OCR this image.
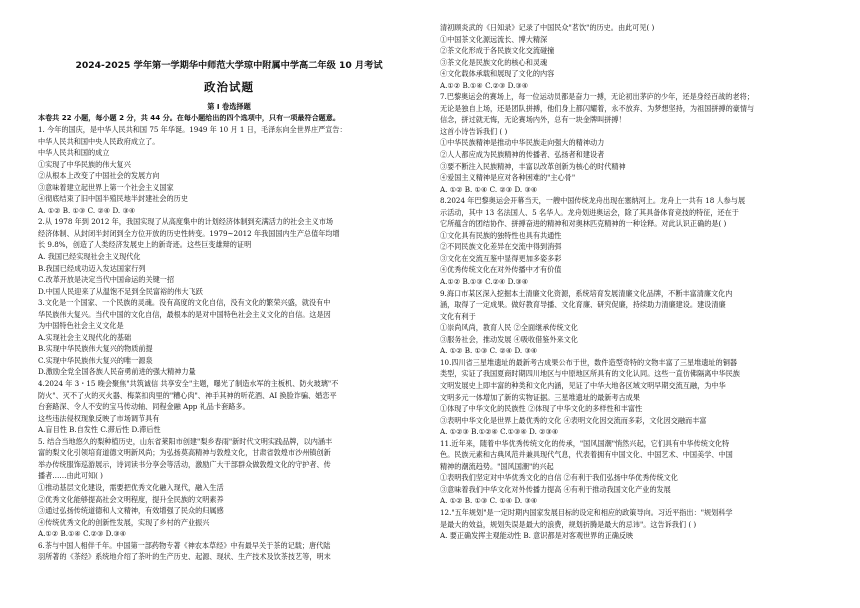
2024-2025 学年第一学期华中师范大学琼中附属中学高二年级 10 月考试
政治试题
第 I 卷选择题
本卷共 22 小题，每小题 2 分，共 44 分。在每小题给出的四个选项中，只有一项最符合题意。
1. 今年的国庆，是中华人民共和国 75 年华诞。1949 年 10 月 1 日，毛泽东向全世界庄严宣告：
中华人民共和国中央人民政府成立了。
中华人民共和国的成立
①实现了中华民族的伟大复兴
②从根本上改变了中国社会的发展方向
③意味着建立起世界上第一个社会主义国家
④彻底结束了旧中国半殖民地半封建社会的历史
A. ①② B. ①③ C. ②④ D. ③④
2.从 1978 年到 2012 年，我国实现了从高度集中的计划经济体制到充满活力的社会主义市场
经济体制、从封闭半封闭到全方位开放的历史性转变。1979~2012 年我国国内生产总值年均增
长 9.8%，创造了人类经济发展史上的新奇迹。这些巨变雄辩的证明
A. 我国已经实现社会主义现代化
B.我国已经成功迈入发达国家行列
C.改革开放是决定当代中国命运的关键一招
D.中国人民迎来了从温饱不足到全民富裕的伟大飞跃
3.文化是一个国家、一个民族的灵魂。没有高度的文化自信，没有文化的繁荣兴盛，就没有中
华民族伟大复兴。当代中国的文化自信，最根本的是对中国特色社会主义文化的自信。这是因
为中国特色社会主义文化是
A.实现社会主义现代化的基础
B.实现中华民族伟大复兴的物质前提
C.实现中华民族伟大复兴的唯一源泉
D.激励全党全国各族人民奋勇前进的强大精神力量
4.2024 年 3・15 晚会聚焦"共筑诚信 共享安全"主题，曝光了制造水军的主板机、防火玻璃"不
防火"、灭不了火的灭火器、梅菜扣肉里的"糟心肉"、神手其神的听花酒、AI 换脸诈骗、婚恋平
台套路深、令人不安的宝马传动轴、同程金融 App 礼品卡套路多。
这些违法侵权现象反映了市场调节具有
A.盲目性 B.自发性 C.滞后性 D.滞后性
5. 结合当地悠久的梨种植历史，山东省莱阳市创建"梨乡春雨"新时代文明实践品牌，以内涵丰
富的梨文化引领培育道德文明新风尚；为弘扬莫高精神与敦煌文化，甘肃省敦煌市沙州镇创新
举办传统服饰巡游展示，诗词读书分享会等活动，激励广大干部群众做敦煌文化的守护者、传
播者……由此可知( )
①推动基层文化建设，需要把优秀文化融入现代，融入生活
②优秀文化能够提高社会文明程度，提升全民族的文明素养
③通过弘扬传统道德和人文精神，有效增强了民众的归属感
④传统优秀文化的创新性发展，实现了乡村的产业振兴
A.①② B.①④ C.②③ D.③④
6.茶与中国人相伴千年。中国第一部药物专著《神农本草经》中有最早关于茶的记载；唐代陆
羽所著的《茶经》系统地介绍了茶叶的生产历史、起源、现状、生产技术及饮茶技艺等，明末
清初顾炎武的《日知录》记录了中国民众"茗饮"的历史。由此可见( )
①中国茶文化源远流长、博大精深
②茶文化形成于各民族文化交流碰撞
③茶文化是民族文化的核心和灵魂
④文化载体承载和展现了文化的内容
A.①② B.①④ C.②③ D.③④
7.巴黎奥运会的赛场上，每一位运动员都是奋力一搏，无论初出茅庐的少年，还是身经百战的老将；
无论是独自上场，还是团队拼搏，他们身上都闪耀着，永不放弃、为梦想坚持，为祖国拼搏的豪情与
信念，拼过就无悔，无论赛场内外，总有一块金牌叫拼搏！
这首小诗告诉我们 ( )
①中华民族精神是推动中华民族走向强大的精神动力
②人人都应成为民族精神的传播者、弘扬者和建设者
③要不断注入民族精神，丰富以改革创新为核心的时代精神
④爱国主义精神是应对各种困难的"主心骨"
A. ①② B. ①④ C. ②③ D. ③④
8.2024 年巴黎奥运会开幕当天，一艘中国传统龙舟出现在塞纳河上。龙舟上一共有 18 人参与展
示活动，其中 13 名法国人、5 名华人。龙舟划进奥运会，除了其具备体育竞技的特征，还在于
它所蕴含的团结协作、拼搏奋进的精神和对奥林匹克精神的一种诠释。对此认识正确的是( )
①文化具有民族的独特性也具有共通性
②不同民族文化差异在交流中得到消弭
③文化在交流互鉴中显得更加多姿多彩
④优秀传统文化在对外传播中才有价值
A.①② B.①③ C.②④ D.③④
9.海口市某区深入挖掘本土清廉文化资源，系统培育发展清廉文化品牌，不断丰富清廉文化内
涵，取得了一定成果。做好教育导播、文化育廉、研究促廉，持续助力清廉建设。建设清廉
文化有利于
①崇尚风尚，教育人民 ②全面继承传统文化
③服务社会，推动发展 ④吸收借鉴外来文化
A. ①② B. ①③ C. ②④ D. ③④
10.四川省三星堆遗址的最新考古成果公布于世，数件造型奇特的文物丰富了三星堆遗址的铜器
类型，实证了我国夏商时期四川地区与中原地区所具有的文化认同。这些一直仿佛隔离中华民族
文明发展史上即丰富的种类和文化内涵，见证了中华大地各区域文明早期交流互融，为中华
文明多元一体增加了新的实物证据。三星堆遗址的最新考古成果
①体现了中华文化的民族性 ②体现了中华文化的多样性和丰富性
③表明中华文化是世界上最优秀的文化 ④表明文化因交流而多彩，文化因交融而丰富
A. ①②③ B.①②④ C.①③④ D. ②③④
11.近年来，随着中华优秀传统文化的传承，"国风国潮"悄然兴起，它们具有中华传统文化特
色。民族元素和古典风范并兼具现代气息，代表着拥有中国文化、中国艺术、中国美学、中国
精神的潮流趋势。"国风国潮"的兴起
①表明我们坚定对中华优秀文化的自信 ②有利于我们弘扬中华优秀传统文化
③意味着我们中华文化对外传播力提高 ④有利于推动我国文化产业的发展
A. ①② B. ①③ C. ①④ D. ③④
12."五年规划"是一定时期内国家发展目标的设定和相应的政策导向。习近平指出："规划科学
是最大的效益，规划失误是最大的浪费，规划折腾是最大的忌讳"。这告诉我们 ( )
A. 要正确发挥主观能动性 B. 意识都是对客观世界的正确反映
